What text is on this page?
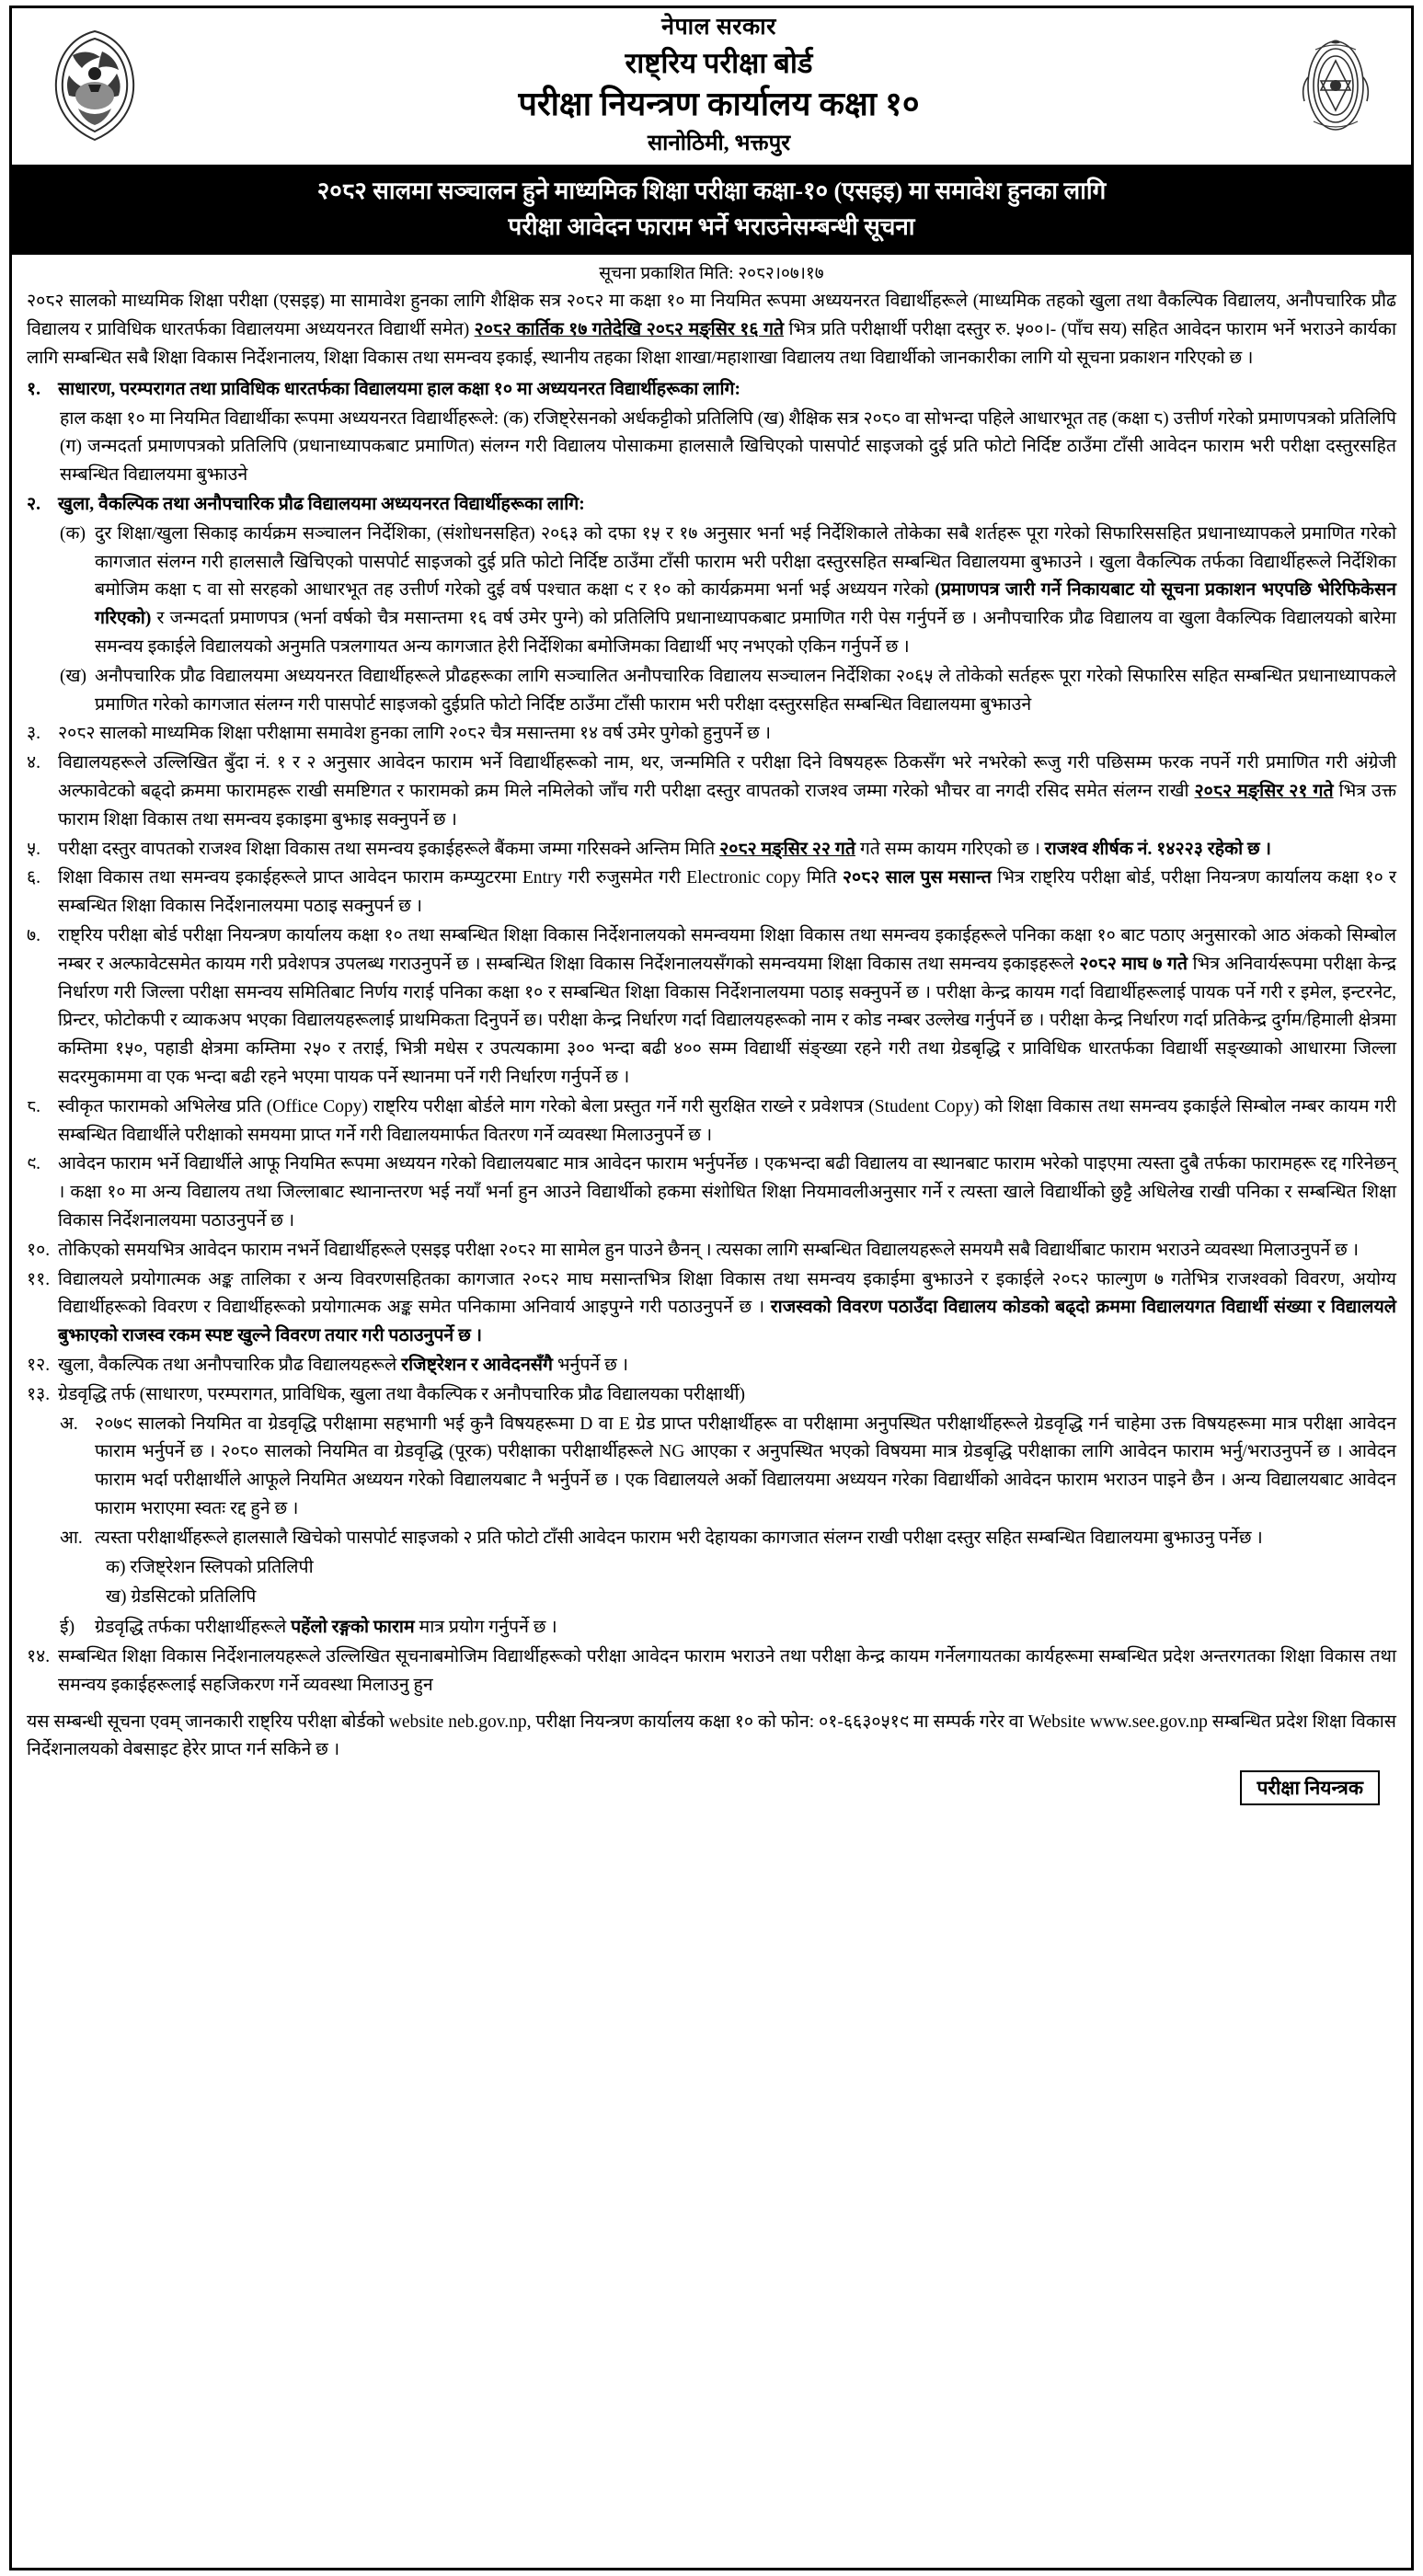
नेपाल सरकार
राष्ट्रिय परीक्षा बोर्ड
परीक्षा नियन्त्रण कार्यालय कक्षा १०
सानोठिमी, भक्तपुर
२०८२ सालमा सञ्चालन हुने माध्यमिक शिक्षा परीक्षा कक्षा-१० (एसइइ) मा समावेश हुनका लागि
परीक्षा आवेदन फाराम भर्ने भराउनेसम्बन्धी सूचना
सूचना प्रकाशित मिति: २०८२।०७।१७

२०८२ सालको माध्यमिक शिक्षा परीक्षा (एसइइ) मा सामावेश हुनका लागि शैक्षिक सत्र २०८२ मा कक्षा १० मा नियमित रूपमा अध्ययनरत विद्यार्थीहरूले (माध्यमिक तहको खुला तथा वैकल्पिक विद्यालय, अनौपचारिक प्रौढ विद्यालय र प्राविधिक धारतर्फका विद्यालयमा अध्ययनरत विद्यार्थी समेत) २०८२ कार्तिक १७ गतेदेखि २०८२ मङ्सिर १६ गते भित्र प्रति परीक्षार्थी परीक्षा दस्तुर रु. ५००।- (पाँच सय) सहित आवेदन फाराम भर्ने भराउने कार्यका लागि सम्बन्धित सबै शिक्षा विकास निर्देशनालय, शिक्षा विकास तथा समन्वय इकाई, स्थानीय तहका शिक्षा शाखा/महाशाखा विद्यालय तथा विद्यार्थीको जानकारीका लागि यो सूचना प्रकाशन गरिएको छ ।

१. साधारण, परम्परागत तथा प्राविधिक धारतर्फका विद्यालयमा हाल कक्षा १० मा अध्ययनरत विद्यार्थीहरूका लागि:

हाल कक्षा १० मा नियमित विद्यार्थीका रूपमा अध्ययनरत विद्यार्थीहरूले: (क) रजिष्ट्रेसनको अर्धकट्टीको प्रतिलिपि (ख) शैक्षिक सत्र २०८० वा सोभन्दा पहिले आधारभूत तह (कक्षा ८) उत्तीर्ण गरेको प्रमाणपत्रको प्रतिलिपि (ग) जन्मदर्ता प्रमाणपत्रको प्रतिलिपि (प्रधानाध्यापकबाट प्रमाणित) संलग्न गरी विद्यालय पोसाकमा हालसालै खिचिएको पासपोर्ट साइजको दुई प्रति फोटो निर्दिष्ट ठाउँमा टाँसी आवेदन फाराम भरी परीक्षा दस्तुरसहित सम्बन्धित विद्यालयमा बुझाउने

२. खुला, वैकल्पिक तथा अनौपचारिक प्रौढ विद्यालयमा अध्ययनरत विद्यार्थीहरूका लागि:
(क) दुर शिक्षा/खुला सिकाइ कार्यक्रम सञ्चालन निर्देशिका, (संशोधनसहित) २०६३ को दफा १५ र १७ अनुसार भर्ना भई निर्देशिकाले तोकेका सबै शर्तहरू पूरा गरेको सिफारिससहित प्रधानाध्यापकले प्रमाणित गरेको कागजात संलग्न गरी हालसालै खिचिएको पासपोर्ट साइजको दुई प्रति फोटो निर्दिष्ट ठाउँमा टाँसी फाराम भरी परीक्षा दस्तुरसहित सम्बन्धित विद्यालयमा बुझाउने । खुला वैकल्पिक तर्फका विद्यार्थीहरूले निर्देशिका बमोजिम कक्षा ८ वा सो सरहको आधारभूत तह उत्तीर्ण गरेको दुई वर्ष पश्चात कक्षा ९ र १० को कार्यक्रममा भर्ना भई अध्ययन गरेको (प्रमाणपत्र जारी गर्ने निकायबाट यो सूचना प्रकाशन भएपछि भेरिफिकेसन गरिएको) र जन्मदर्ता प्रमाणपत्र (भर्ना वर्षको चैत्र मसान्तमा १६ वर्ष उमेर पुग्ने) को प्रतिलिपि प्रधानाध्यापकबाट प्रमाणित गरी पेस गर्नुपर्ने छ । अनौपचारिक प्रौढ विद्यालय वा खुला वैकल्पिक विद्यालयको बारेमा समन्वय इकाईले विद्यालयको अनुमति पत्रलगायत अन्य कागजात हेरी निर्देशिका बमोजिमका विद्यार्थी भए नभएको एकिन गर्नुपर्ने छ ।
(ख) अनौपचारिक प्रौढ विद्यालयमा अध्ययनरत विद्यार्थीहरूले प्रौढहरूका लागि सञ्चालित अनौपचारिक विद्यालय सञ्चालन निर्देशिका २०६५ ले तोकेको सर्तहरू पूरा गरेको सिफारिस सहित सम्बन्धित प्रधानाध्यापकले प्रमाणित गरेको कागजात संलग्न गरी पासपोर्ट साइजको दुईप्रति फोटो निर्दिष्ट ठाउँमा टाँसी फाराम भरी परीक्षा दस्तुरसहित सम्बन्धित विद्यालयमा बुझाउने
३. २०८२ सालको माध्यमिक शिक्षा परीक्षामा समावेश हुनका लागि २०८२ चैत्र मसान्तमा १४ वर्ष उमेर पुगेको हुनुपर्ने छ ।
४. विद्यालयहरूले उल्लिखित बुँदा नं. १ र २ अनुसार आवेदन फाराम भर्ने विद्यार्थीहरूको नाम, थर, जन्ममिति र परीक्षा दिने विषयहरू ठिकसँग भरे नभरेको रूजु गरी पछिसम्म फरक नपर्ने गरी प्रमाणित गरी अंग्रेजी अल्फावेटको बढ्दो क्रममा फारामहरू राखी समष्टिगत र फारामको क्रम मिले नमिलेको जाँच गरी परीक्षा दस्तुर वापतको राजश्व जम्मा गरेको भौचर वा नगदी रसिद समेत संलग्न राखी २०८२ मङ्सिर २१ गते भित्र उक्त फाराम शिक्षा विकास तथा समन्वय इकाइमा बुझाइ सक्नुपर्ने छ ।
५. परीक्षा दस्तुर वापतको राजश्व शिक्षा विकास तथा समन्वय इकाईहरूले बैंकमा जम्मा गरिसक्ने अन्तिम मिति २०८२ मङ्सिर २२ गते गते सम्म कायम गरिएको छ । राजश्व शीर्षक नं. १४२२३ रहेको छ ।
६. शिक्षा विकास तथा समन्वय इकाईहरूले प्राप्त आवेदन फाराम कम्प्युटरमा Entry गरी रुजुसमेत गरी Electronic copy मिति २०८२ साल पुस मसान्त भित्र राष्ट्रिय परीक्षा बोर्ड, परीक्षा नियन्त्रण कार्यालय कक्षा १० र सम्बन्धित शिक्षा विकास निर्देशनालयमा पठाइ सक्नुपर्न छ ।
७. राष्ट्रिय परीक्षा बोर्ड परीक्षा नियन्त्रण कार्यालय कक्षा १० तथा सम्बन्धित शिक्षा विकास निर्देशनालयको समन्वयमा शिक्षा विकास तथा समन्वय इकाईहरूले पनिका कक्षा १० बाट पठाए अनुसारको आठ अंकको सिम्बोल नम्बर र अल्फावेटसमेत कायम गरी प्रवेशपत्र उपलब्ध गराउनुपर्ने छ । सम्बन्धित शिक्षा विकास निर्देशनालयसँगको समन्वयमा शिक्षा विकास तथा समन्वय इकाइहरूले २०८२ माघ ७ गते भित्र अनिवार्यरूपमा परीक्षा केन्द्र निर्धारण गरी जिल्ला परीक्षा समन्वय समितिबाट निर्णय गराई पनिका कक्षा १० र सम्बन्धित शिक्षा विकास निर्देशनालयमा पठाइ सक्नुपर्ने छ । परीक्षा केन्द्र कायम गर्दा विद्यार्थीहरूलाई पायक पर्ने गरी र इमेल, इन्टरनेट, प्रिन्टर, फोटोकपी र व्याकअप भएका विद्यालयहरूलाई प्राथमिकता दिनुपर्ने छ। परीक्षा केन्द्र निर्धारण गर्दा विद्यालयहरूको नाम र कोड नम्बर उल्लेख गर्नुपर्ने छ । परीक्षा केन्द्र निर्धारण गर्दा प्रतिकेन्द्र दुर्गम/हिमाली क्षेत्रमा कम्तिमा १५०, पहाडी क्षेत्रमा कम्तिमा २५० र तराई, भित्री मधेस र उपत्यकामा ३०० भन्दा बढी ४०० सम्म विद्यार्थी संङ्ख्या रहने गरी तथा ग्रेडबृद्धि र प्राविधिक धारतर्फका विद्यार्थी सङ्ख्याको आधारमा जिल्ला सदरमुकाममा वा एक भन्दा बढी रहने भएमा पायक पर्ने स्थानमा पर्ने गरी निर्धारण गर्नुपर्ने छ ।
८. स्वीकृत फारामको अभिलेख प्रति (Office Copy) राष्ट्रिय परीक्षा बोर्डले माग गरेको बेला प्रस्तुत गर्ने गरी सुरक्षित राख्ने र प्रवेशपत्र (Student Copy) को शिक्षा विकास तथा समन्वय इकाईले सिम्बोल नम्बर कायम गरी सम्बन्धित विद्यार्थीले परीक्षाको समयमा प्राप्त गर्ने गरी विद्यालयमार्फत वितरण गर्ने व्यवस्था मिलाउनुपर्ने छ ।
९. आवेदन फाराम भर्ने विद्यार्थीले आफू नियमित रूपमा अध्ययन गरेको विद्यालयबाट मात्र आवेदन फाराम भर्नुपर्नेछ । एकभन्दा बढी विद्यालय वा स्थानबाट फाराम भरेको पाइएमा त्यस्ता दुबै तर्फका फारामहरू रद्द गरिनेछन् । कक्षा १० मा अन्य विद्यालय तथा जिल्लाबाट स्थानान्तरण भई नयाँ भर्ना हुन आउने विद्यार्थीको हकमा संशोधित शिक्षा नियमावलीअनुसार गर्ने र त्यस्ता खाले विद्यार्थीको छुट्टै अधिलेख राखी पनिका र सम्बन्धित शिक्षा विकास निर्देशनालयमा पठाउनुपर्ने छ ।
१०. तोकिएको समयभित्र आवेदन फाराम नभर्ने विद्यार्थीहरूले एसइइ परीक्षा २०८२ मा सामेल हुन पाउने छैनन् । त्यसका लागि सम्बन्धित विद्यालयहरूले समयमै सबै विद्यार्थीबाट फाराम भराउने व्यवस्था मिलाउनुपर्ने छ ।
११. विद्यालयले प्रयोगात्मक अङ्क तालिका र अन्य विवरणसहितका कागजात २०८२ माघ मसान्तभित्र शिक्षा विकास तथा समन्वय इकाईमा बुझाउने र इकाईले २०८२ फाल्गुण ७ गतेभित्र राजश्वको विवरण, अयोग्य विद्यार्थीहरूको विवरण र विद्यार्थीहरूको प्रयोगात्मक अङ्क समेत पनिकामा अनिवार्य आइपुग्ने गरी पठाउनुपर्ने छ । राजस्वको विवरण पठाउँदा विद्यालय कोडको बढ्दो क्रममा विद्यालयगत विद्यार्थी संख्या र विद्यालयले बुझाएको राजस्व रकम स्पष्ट खुल्ने विवरण तयार गरी पठाउनुपर्ने छ ।
१२. खुला, वैकल्पिक तथा अनौपचारिक प्रौढ विद्यालयहरूले रजिष्ट्रेशन र आवेदनसँगै भर्नुपर्ने छ ।
१३. ग्रेडवृद्धि तर्फ (साधारण, परम्परागत, प्राविधिक, खुला तथा वैकल्पिक र अनौपचारिक प्रौढ विद्यालयका परीक्षार्थी)
अ. २०७९ सालको नियमित वा ग्रेडवृद्धि परीक्षामा सहभागी भई कुनै विषयहरूमा D वा E ग्रेड प्राप्त परीक्षार्थीहरू वा परीक्षामा अनुपस्थित परीक्षार्थीहरूले ग्रेडवृद्धि गर्न चाहेमा उक्त विषयहरूमा मात्र परीक्षा आवेदन फाराम भर्नुपर्ने छ । २०८० सालको नियमित वा ग्रेडवृद्धि (पूरक) परीक्षाका परीक्षार्थीहरूले NG आएका र अनुपस्थित भएको विषयमा मात्र ग्रेडबृद्धि परीक्षाका लागि आवेदन फाराम भर्नु/भराउनुपर्ने छ । आवेदन फाराम भर्दा परीक्षार्थीले आफूले नियमित अध्ययन गरेको विद्यालयबाट नै भर्नुपर्ने छ । एक विद्यालयले अर्को विद्यालयमा अध्ययन गरेका विद्यार्थीको आवेदन फाराम भराउन पाइने छैन । अन्य विद्यालयबाट आवेदन फाराम भराएमा स्वतः रद्द हुने छ ।
आ. त्यस्ता परीक्षार्थीहरूले हालसालै खिचेको पासपोर्ट साइजको २ प्रति फोटो टाँसी आवेदन फाराम भरी देहायका कागजात संलग्न राखी परीक्षा दस्तुर सहित सम्बन्धित विद्यालयमा बुझाउनु पर्नेछ ।

क) रजिष्ट्रेशन स्लिपको प्रतिलिपी

ख) ग्रेडसिटको प्रतिलिपि

ई)	ग्रेडवृद्धि तर्फका परीक्षार्थीहरूले पहेंलो रङ्गको फाराम मात्र प्रयोग गर्नुपर्ने छ ।
१४. सम्बन्धित शिक्षा विकास निर्देशनालयहरूले उल्लिखित सूचनाबमोजिम विद्यार्थीहरूको परीक्षा आवेदन फाराम भराउने तथा परीक्षा केन्द्र कायम गर्नेलगायतका कार्यहरूमा सम्बन्धित प्रदेश अन्तरगतका शिक्षा विकास तथा समन्वय इकाईहरूलाई सहजिकरण गर्ने व्यवस्था मिलाउनु हुन
यस सम्बन्धी सूचना एवम् जानकारी राष्ट्रिय परीक्षा बोर्डको website neb.gov.np, परीक्षा नियन्त्रण कार्यालय कक्षा १० को फोन: ०१-६६३०५१९ मा सम्पर्क गरेर वा Website www.see.gov.np सम्बन्धित प्रदेश शिक्षा विकास निर्देशनालयको वेबसाइट हेरेर प्राप्त गर्न सकिने छ ।
परीक्षा नियन्त्रक
